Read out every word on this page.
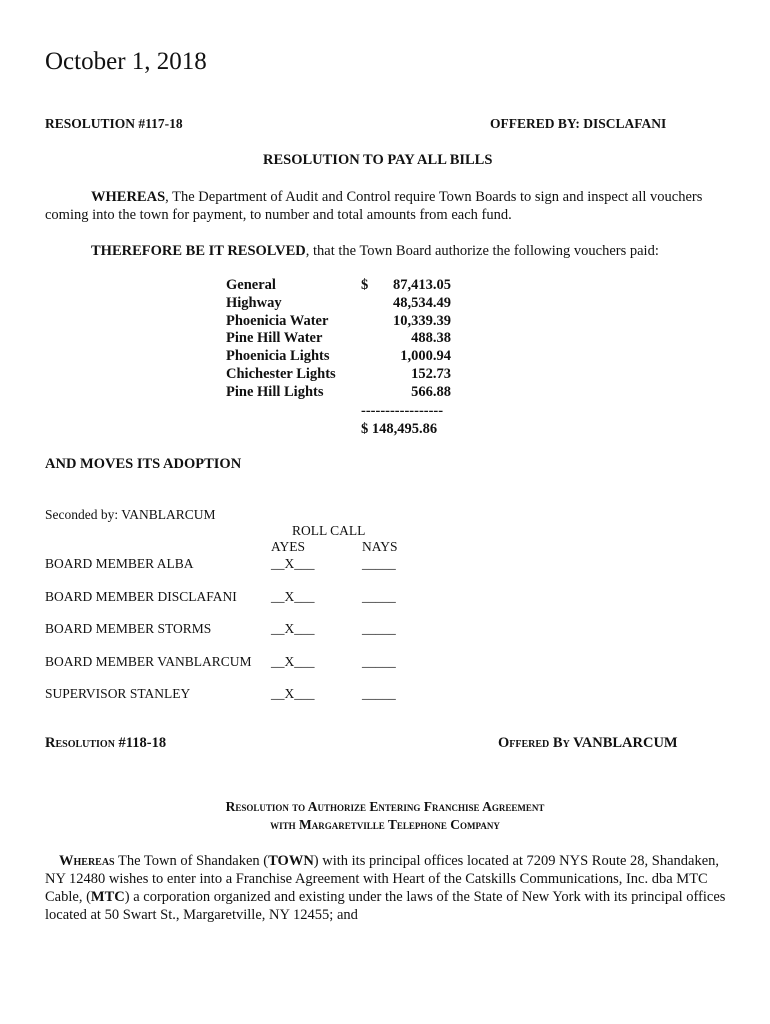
October 1, 2018
RESOLUTION #117-18	OFFERED BY: DISCLAFANI
RESOLUTION TO PAY ALL BILLS
WHEREAS, The Department of Audit and Control require Town Boards to sign and inspect all vouchers coming into the town for payment, to number and total amounts from each fund.
THEREFORE BE IT RESOLVED, that the Town Board authorize the following vouchers paid:
General	$	87,413.05
Highway	48,534.49
Phoenicia Water	10,339.39
Pine Hill Water	488.38
Phoenicia Lights	1,000.94
Chichester Lights	152.73
Pine Hill Lights	566.88
-----------------
$ 148,495.86
AND MOVES ITS ADOPTION
Seconded by: VANBLARCUM
ROLL CALL
AYES	NAYS
BOARD MEMBER ALBA	__X___	_____
BOARD MEMBER DISCLAFANI	__X___	_____
BOARD MEMBER STORMS	__X___	_____
BOARD MEMBER VANBLARCUM __X___	_____
SUPERVISOR STANLEY	__X___	_____
Resolution #118-18	Offered By VANBLARCUM
Resolution to Authorize Entering Franchise Agreement
with Margaretville Telephone Company
Whereas The Town of Shandaken (TOWN) with its principal offices located at 7209 NYS Route 28, Shandaken, NY 12480 wishes to enter into a Franchise Agreement with Heart of the Catskills Communications, Inc. dba MTC Cable, (MTC) a corporation organized and existing under the laws of the State of New York with its principal offices located at 50 Swart St., Margaretville, NY 12455; and
